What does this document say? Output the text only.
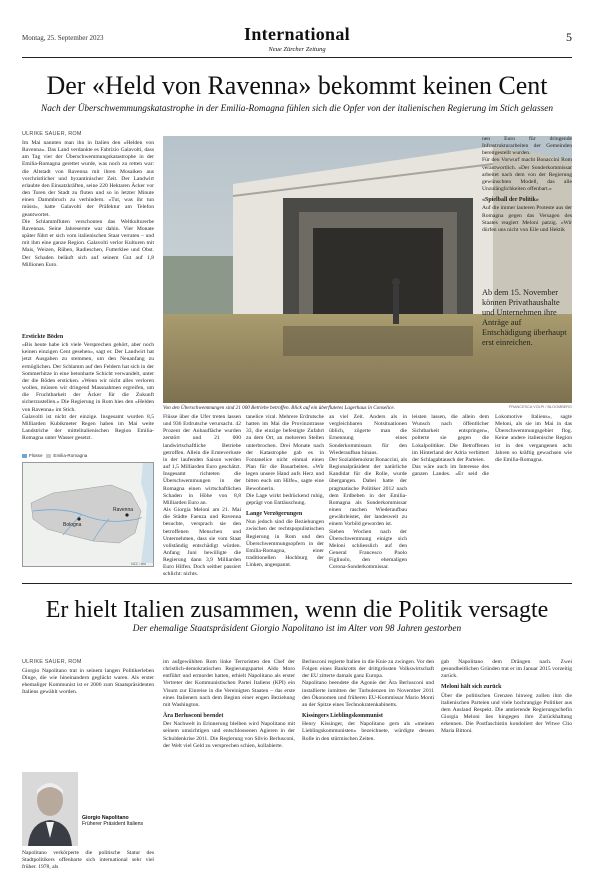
Montag, 25. September 2023	International
Neue Zürcher Zeitung
5
Der «Held von Ravenna» bekommt keinen Cent
Nach der Überschwemmungskatastrophe in der Emilia-Romagna fühlen sich die Opfer von der italienischen Regierung im Stich gelassen
ULRIKE SAUER, ROM

Im Mai nannten man ihn in Italien den «Helden von Ravenna». Das Land verdankte es Fabrizio Galavolti, dass am Tag vier der Überschwemmungskatastrophe in der Emilia-Romagna gerettet wurde, was noch zu retten war: die Altstadt von Ravenna mit ihren Mosaiken aus vorchristlicher und byzantinischer Zeit. Der Landwirt erlaubte den Einsatzkräften, seine 220 Hektaren Äcker vor den Toren der Stadt zu fluten und so in letzter Minute einen Dammbruch zu verhindern. «Tut, was ihr tun müsst», hatte Galavolti der Präfektur am Telefon geantwortet.

Die Schlammfluten verschonten das Weltkulturerbe Ravennas. Seine Jahresernte war dahin. Vier Monate später führt er sich vom italienischen Staat verraten – und mit ihm eine ganze Region. Galavolti verlor Kulturen mit Mais, Weizen, Rüben, Radieschen, Futterklee und Obst. Der Schaden beläuft sich auf seinem Gut auf 1,8 Millionen Euro.

Erstickte Böden

«Bis heute habe ich viele Versprechen gehört, aber noch keinen einzigen Cent gesehen», sagt er. Der Landwirt hat jetzt Ausgaben zu stemmen, um den Neuanfang zu ermöglichen. Der Schlamm auf den Feldern hat sich in der Sommerhitze in eine betonharte Schicht verwandelt, unter der die Böden ersticken. «Wenn wir nicht alles verloren wollen, müssen wir dringend Massnahmen ergreifen, um die Fruchtbarkeit der Äcker für die Zukunft sicherzustellen.» Die Regierung in Rom hies den «Helden von Ravenna» im Stich.

Galavolti ist nicht der einzige. Insgesamt wurden 8,5 Milliarden Kubikmeter Regen haben im Mai weite Landstriche der mittelitalienischen Region Emilia-Romagna unter Wasser gesetzt.

Flüsse Emilia-Romagna
Bologna
Ravenna
NZZ / iaw
Von den Überschwemmungen sind 21 000 Betriebe betroffen. Blick auf ein überflutetes Lagerhaus in Conselice.	FRANCESCA VOLPI / BLOOMBERG

Flüsse über die Ufer treten lassen und 936 Erdrutsche verursacht. 42 Prozent der Anbaufläche wurden zerstört und 21 000 landwirtschaftliche Betriebe getroffen. Allein die Ernteverluste in der laufenden Saison werden auf 1,5 Milliarden Euro geschätzt. Insgesamt richteten die Überschwemmungen in der Romagna einen wirtschaftlichen Schaden in Höhe von 8,8 Milliarden Euro an.

Als Giorgia Meloni am 21. Mai die Städte Faenza und Ravenna besuchte, versprach sie den betroffenen Menschen und Unternehmen, dass sie vom Staat vollständig entschädigt würden. Anfang Juni bewilligte die Regierung dann 3,9 Milliarden Euro Hilfen. Doch seither passiert schlicht: nichts.

tanelice viral. Mehrere Erdrutsche hatten im Mai die Provinzstrasse 33, die einzige befestigte Zufahrt zu dem Ort, an mehreren Stellen unterbrochen. Drei Monate nach der Katastrophe gab es in Fontanelice nicht einmal einen Plan für die Bauarbeiten. «Wir legen unsere Hand aufs Herz und bitten euch um Hilfe», sagte eine Bewohnerin.

Die Lage wirkt bedrückend ruhig, geprägt von Enttäuschung.

Lange Verzögerungen

Nun jedoch sind die Beziehungen zwischen der rechtspopulistischen Regierung in Rom und den Überschwemmungsopfern in der Emilia-Romagna, einer traditionellen Hochburg der Linken, angespannt.

an viel Zeit. Anders als in vergleichbaren Notsituationen üblich, zögerte man die Ernennung eines Sonderkommissars für den Wiederaufbau hinaus.

Der Sozialdemokrat Bonaccini, als Regionalpräsident der natürliche Kandidat für die Rolle, wurde übergangen. Dabei hatte der pragmatische Politiker 2012 nach dem Erdbeben in der Emilia-Romagna als Sonderkommissar einen raschen Wiederaufbau gewährleistet, der landesweit zu einem Vorbild geworden ist.

Sieben Wochen nach der Überschwemmung einigte sich Meloni schliesslich auf den General Francesco Paolo Figliuolo, den ehemaligen Corona-Sonderkommissar.

leisten lassen, die allein dem Wunsch nach öffentlicher Sichtbarkeit entspringen», polterte sie gegen die Lokalpolitiker. Die Betroffenen im Hinterland der Adria verbittert der Schlagabtausch der Parteien.

Das wäre auch im Interesse des ganzen Landes. «Er seid die Lokomotive Italiens», sagte Meloni, als sie im Mai in das Überschwemmungsgebiet flog. Keine andere italienische Region ist in den vergangenen acht Jahren so kräftig gewachsen wie die Emilia-Romagna.

nen Euro für dringende Infrastrukturarbeiten der Gemeinden bereitgestellt wurden.

Für den Vorwurf macht Bonaccini Rom verantwortlich. «Der Sonderkommissar arbeitet nach dem von der Regierung gewünschten Modell, das alle Unzulänglichkeiten offenbart.»

«Spielball der Politik»

Auf die immer lauteren Proteste aus der Romagna gegen das Versagen des Staates reagiert Meloni patzig. «Wir dürfen uns nicht von Eile und Hektik

Ab dem 15. November können Privathaushalte und Unternehmen ihre Anträge auf Entschädigung überhaupt erst einreichen.
Er hielt Italien zusammen, wenn die Politik versagte
Der ehemalige Staatspräsident Giorgio Napolitano ist im Alter von 98 Jahren gestorben
ULRIKE SAUER, ROM

Giorgio Napolitano trat in seinem langen Politikerleben Dinge, die wie hineinandern geglückt waren. Als erster ehemaliger Kommunist ist er 2006 zum Staatspräsidenten Italiens gewählt worden.

Giorgio Napolitano
Früherer Präsident Italiens

Napolitano verkörperte die politische Statur des Stadtpolitikers offenbarte sich international sehr viel früher. 1978, als

im aufgewühlten Rom linke Terroristen den Chef der christlich-demokratischen Regierungspartei Aldo Moro entführt und ermordet hatten, erhielt Napolitano als erster Vertreter der Kommunistischen Partei Italiens (KPI) ein Visum zur Einreise in die Vereinigten Staaten – das erste eines Italieners nach dem Beginn einer engen Beziehung mit Washington.

Ära Berlusconi beendet

Der Nachwelt in Erinnerung bleiben wird Napolitano mit seinem umsichtigen und entschlossenen Agieren in der Schuldenkrise 2011. Die Regierung von Silvio Berlusconi, der Welt viel Geld zu versprechen schien, kollabierte.

Berlusconi regierte Italien in die Knie zu zwingen. Vor den Folgen eines Bankrotts der drittgrössten Volkswirtschaft der EU zitterte damals ganz Europa.

Napolitano beendete die Agonie der Ära Berlusconi und installierte inmitten der Turbulenzen im November 2011 den Ökonomen und früheren EU-Kommissar Mario Monti an der Spitze eines Technokratenkabinetts.

Kissingers Lieblingskommunist

Henry Kissinger, der Napolitano gern als «meinen Lieblingskommunisten» bezeichnete, würdigte dessen Rolle in den stürmischen Zeiten.

gab Napolitano dem Drängen nach. Zwei gesundheitlichen Gründen trat er im Januar 2015 vorzeitig zurück.

Meloni hält sich zurück

Über die politischen Grenzen hinweg zollen ihm die italienischen Parteien und viele hochrangige Politiker aus dem Ausland Respekt. Die amtierende Regierungschefin Giorgia Meloni lies hingegen ihre Zurückhaltung erkennen. Die Postfaschistin kondoliert der Witwe Clio Maria Bittoni.
